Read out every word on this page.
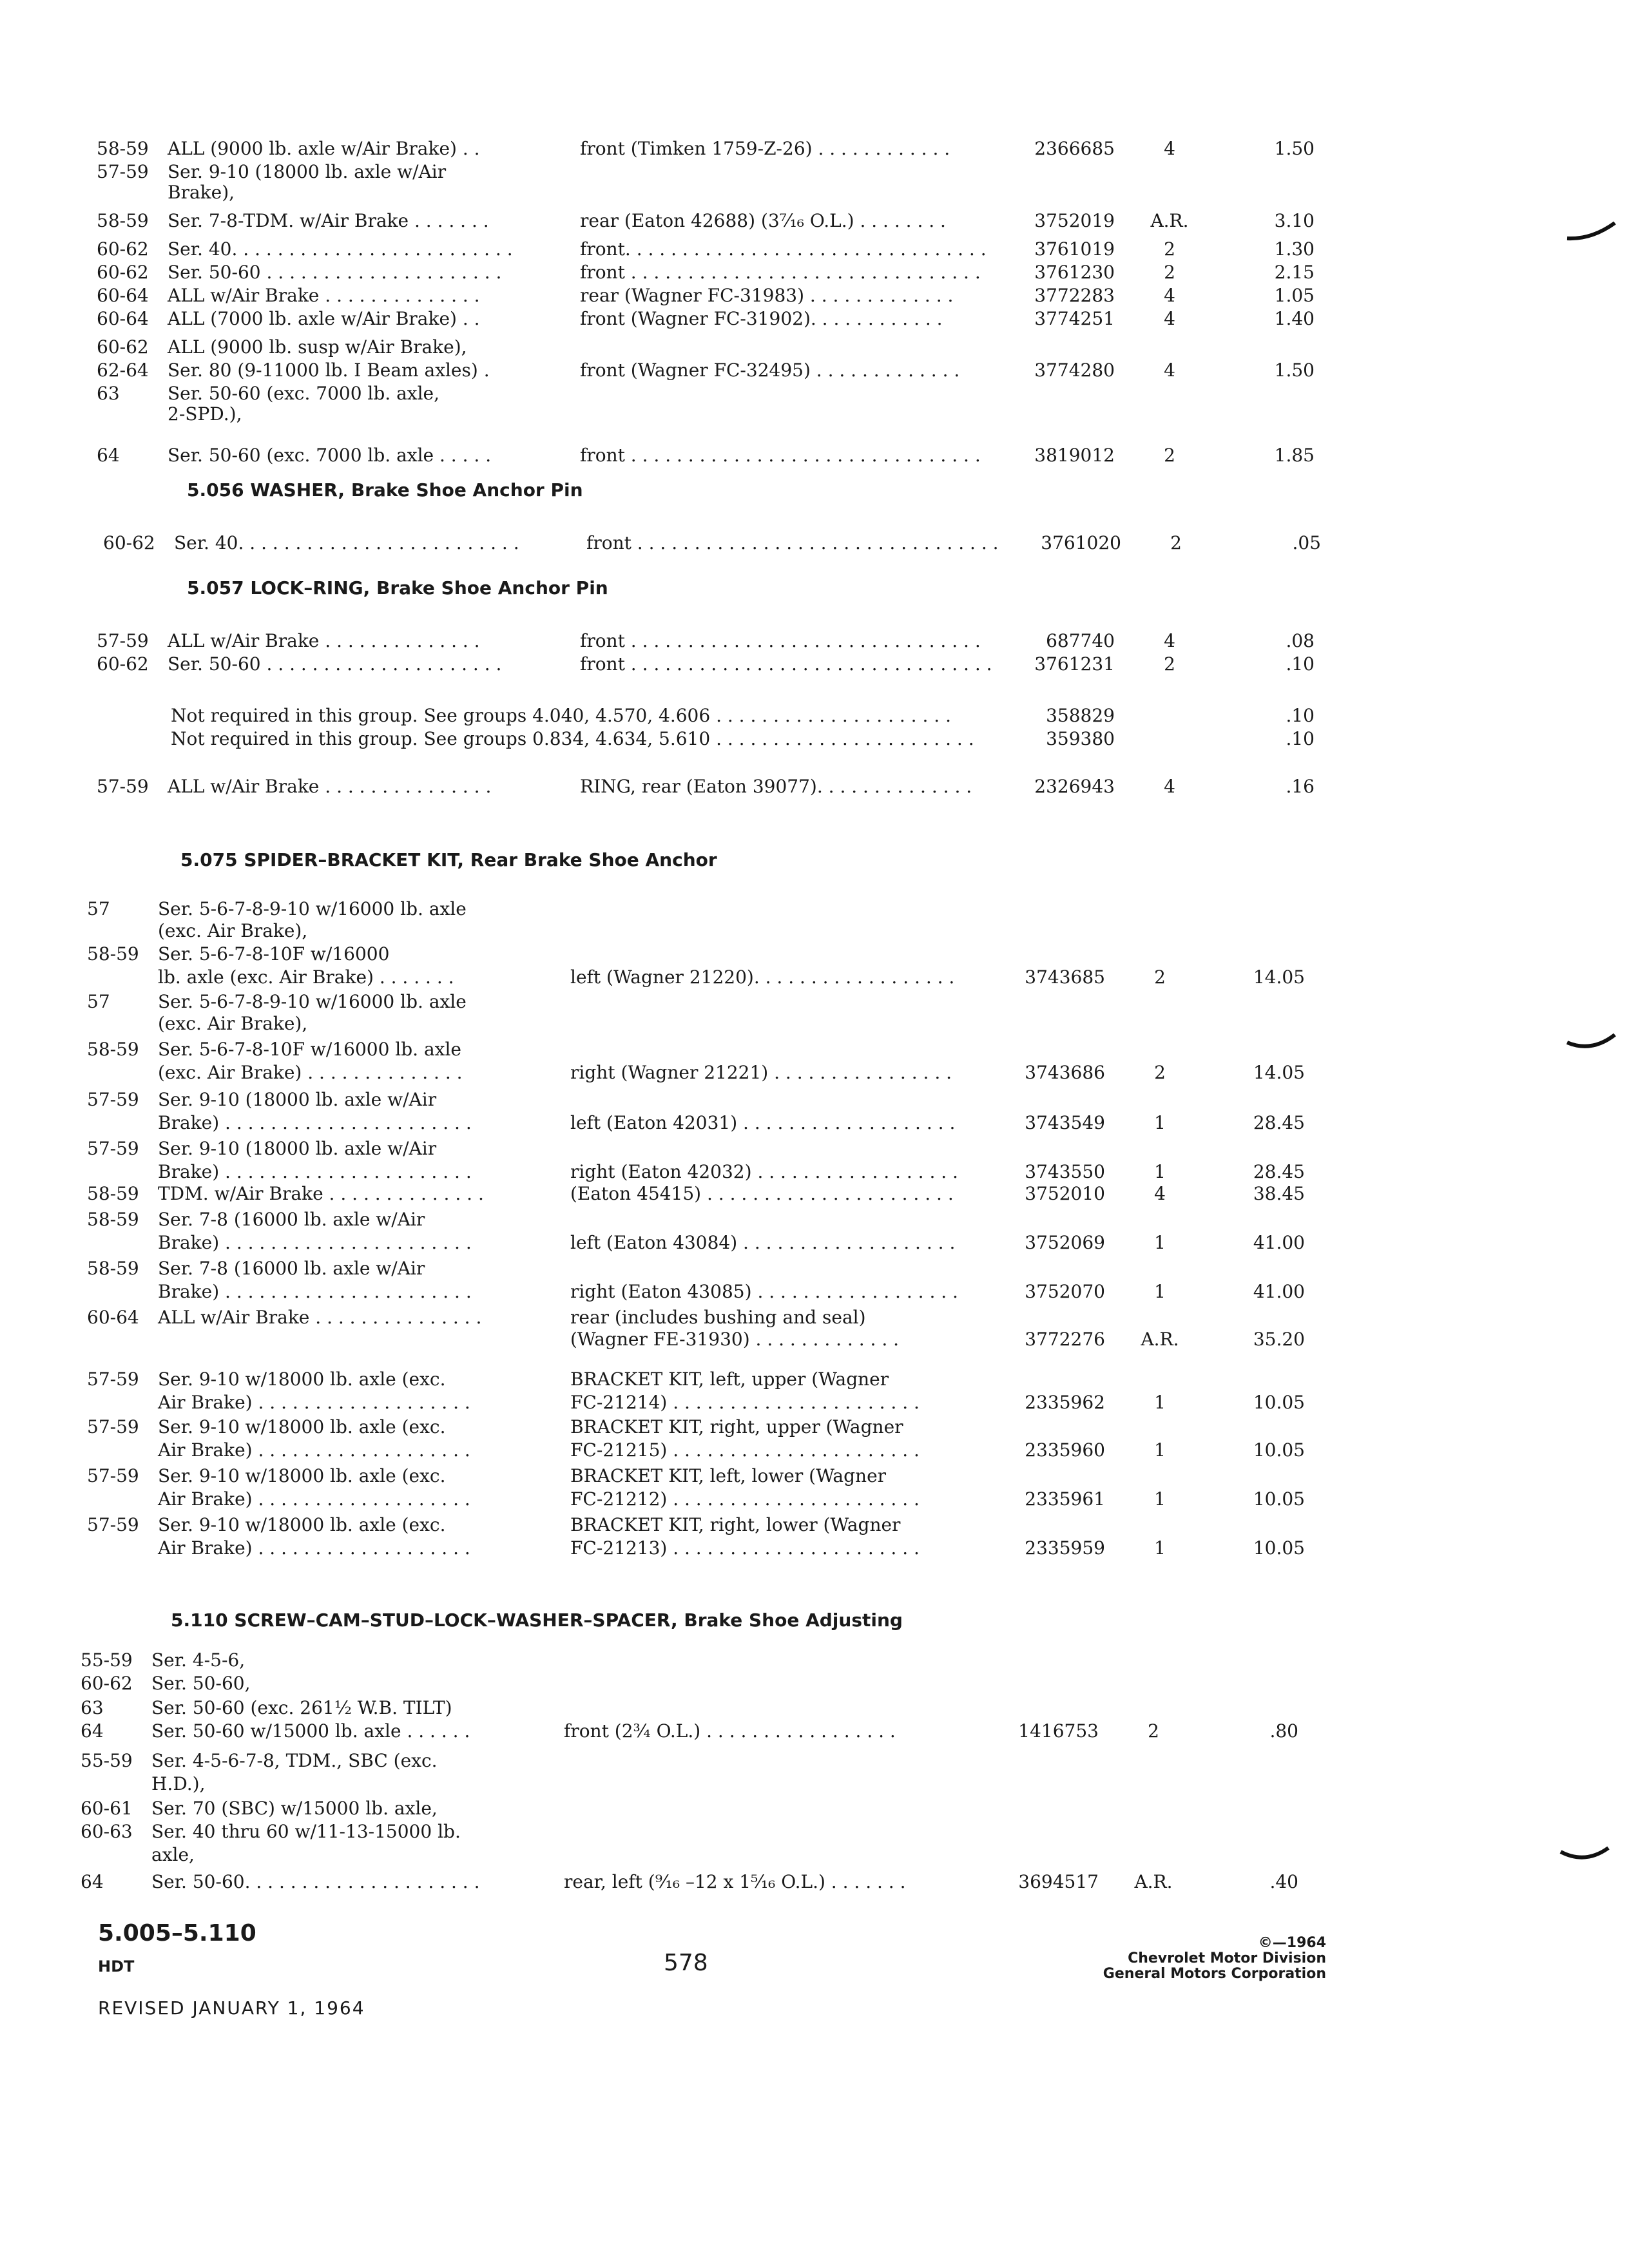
58-59 ALL (9000 lb. axle w/Air Brake) . .	front (Timken 1759-Z-26) . . . . . . . . . . . .	2366685	4	1.50
57-59 Ser. 9-10 (18000 lb. axle w/Air
Brake),
58-59 Ser. 7-8-TDM. w/Air Brake . . . . . . .	rear (Eaton 42688) (3⁷⁄₁₆ O.L.) . . . . . . . .	3752019	A.R.	3.10
60-62 Ser. 40. . . . . . . . . . . . . . . . . . . . . . . . .	front. . . . . . . . . . . . . . . . . . . . . . . . . . . . . . . .	3761019	2	1.30
60-62 Ser. 50-60 . . . . . . . . . . . . . . . . . . . . .	front . . . . . . . . . . . . . . . . . . . . . . . . . . . . . . .	3761230	2	2.15
60-64 ALL w/Air Brake . . . . . . . . . . . . . .	rear (Wagner FC-31983) . . . . . . . . . . . . .	3772283	4	1.05
60-64 ALL (7000 lb. axle w/Air Brake) . .	front (Wagner FC-31902). . . . . . . . . . . .	3774251	4	1.40
60-62 ALL (9000 lb. susp w/Air Brake),
62-64 Ser. 80 (9-11000 lb. I Beam axles) .	front (Wagner FC-32495) . . . . . . . . . . . . .	3774280	4	1.50
63	Ser. 50-60 (exc. 7000 lb. axle,
2-SPD.),
64	Ser. 50-60 (exc. 7000 lb. axle . . . . .	front . . . . . . . . . . . . . . . . . . . . . . . . . . . . . . .	3819012	2	1.85
5.056 WASHER, Brake Shoe Anchor Pin
60-62 Ser. 40. . . . . . . . . . . . . . . . . . . . . . . . .	front . . . . . . . . . . . . . . . . . . . . . . . . . . . . . . . .	3761020	2	.05
5.057 LOCK–RING, Brake Shoe Anchor Pin
57-59 ALL w/Air Brake . . . . . . . . . . . . . .	front . . . . . . . . . . . . . . . . . . . . . . . . . . . . . . .	687740	4	.08
60-62 Ser. 50-60 . . . . . . . . . . . . . . . . . . . . .	front . . . . . . . . . . . . . . . . . . . . . . . . . . . . . . . .	3761231	2	.10
Not required in this group. See groups 4.040, 4.570, 4.606 . . . . . . . . . . . . . . . . . . . . .	358829	.10
Not required in this group. See groups 0.834, 4.634, 5.610 . . . . . . . . . . . . . . . . . . . . . . .	359380	.10
57-59 ALL w/Air Brake . . . . . . . . . . . . . . .	RING, rear (Eaton 39077). . . . . . . . . . . . . .	2326943	4	.16
5.075 SPIDER–BRACKET KIT, Rear Brake Shoe Anchor
57	Ser. 5-6-7-8-9-10 w/16000 lb. axle
(exc. Air Brake),
58-59 Ser. 5-6-7-8-10F w/16000
lb. axle (exc. Air Brake) . . . . . . .	left (Wagner 21220). . . . . . . . . . . . . . . . . .	3743685	2	14.05
57	Ser. 5-6-7-8-9-10 w/16000 lb. axle
(exc. Air Brake),
58-59 Ser. 5-6-7-8-10F w/16000 lb. axle
(exc. Air Brake) . . . . . . . . . . . . . .	right (Wagner 21221) . . . . . . . . . . . . . . . .	3743686	2	14.05
57-59 Ser. 9-10 (18000 lb. axle w/Air
Brake) . . . . . . . . . . . . . . . . . . . . . .	left (Eaton 42031) . . . . . . . . . . . . . . . . . . .	3743549	1	28.45
57-59 Ser. 9-10 (18000 lb. axle w/Air
Brake) . . . . . . . . . . . . . . . . . . . . . .	right (Eaton 42032) . . . . . . . . . . . . . . . . . .	3743550	1	28.45
58-59 TDM. w/Air Brake . . . . . . . . . . . . . .	(Eaton 45415) . . . . . . . . . . . . . . . . . . . . . .	3752010	4	38.45
58-59 Ser. 7-8 (16000 lb. axle w/Air
Brake) . . . . . . . . . . . . . . . . . . . . . .	left (Eaton 43084) . . . . . . . . . . . . . . . . . . .	3752069	1	41.00
58-59 Ser. 7-8 (16000 lb. axle w/Air
Brake) . . . . . . . . . . . . . . . . . . . . . .	right (Eaton 43085) . . . . . . . . . . . . . . . . . .	3752070	1	41.00
60-64 ALL w/Air Brake . . . . . . . . . . . . . . .	rear (includes bushing and seal)
(Wagner FE-31930) . . . . . . . . . . . . .	3772276	A.R.	35.20
57-59 Ser. 9-10 w/18000 lb. axle (exc.	BRACKET KIT, left, upper (Wagner
Air Brake) . . . . . . . . . . . . . . . . . . .	FC-21214) . . . . . . . . . . . . . . . . . . . . . .	2335962	1	10.05
57-59 Ser. 9-10 w/18000 lb. axle (exc.	BRACKET KIT, right, upper (Wagner
Air Brake) . . . . . . . . . . . . . . . . . . .	FC-21215) . . . . . . . . . . . . . . . . . . . . . .	2335960	1	10.05
57-59 Ser. 9-10 w/18000 lb. axle (exc.	BRACKET KIT, left, lower (Wagner
Air Brake) . . . . . . . . . . . . . . . . . . .	FC-21212) . . . . . . . . . . . . . . . . . . . . . .	2335961	1	10.05
57-59 Ser. 9-10 w/18000 lb. axle (exc.	BRACKET KIT, right, lower (Wagner
Air Brake) . . . . . . . . . . . . . . . . . . .	FC-21213) . . . . . . . . . . . . . . . . . . . . . .	2335959	1	10.05
5.110 SCREW–CAM–STUD–LOCK–WASHER–SPACER, Brake Shoe Adjusting
55-59 Ser. 4-5-6,
60-62 Ser. 50-60,
63	Ser. 50-60 (exc. 261½ W.B. TILT)
64	Ser. 50-60 w/15000 lb. axle . . . . . .	front (2¾ O.L.) . . . . . . . . . . . . . . . . .	1416753	2	.80
55-59 Ser. 4-5-6-7-8, TDM., SBC (exc.
H.D.),
60-61 Ser. 70 (SBC) w/15000 lb. axle,
60-63 Ser. 40 thru 60 w/11-13-15000 lb.
axle,
64	Ser. 50-60. . . . . . . . . . . . . . . . . . . . .	rear, left (⁹⁄₁₆ –12 x 1⁵⁄₁₆ O.L.) . . . . . . .	3694517	A.R.	.40
5.005–5.110
HDT	578
REVISED JANUARY 1, 1964
©—1964
Chevrolet Motor Division
General Motors Corporation
